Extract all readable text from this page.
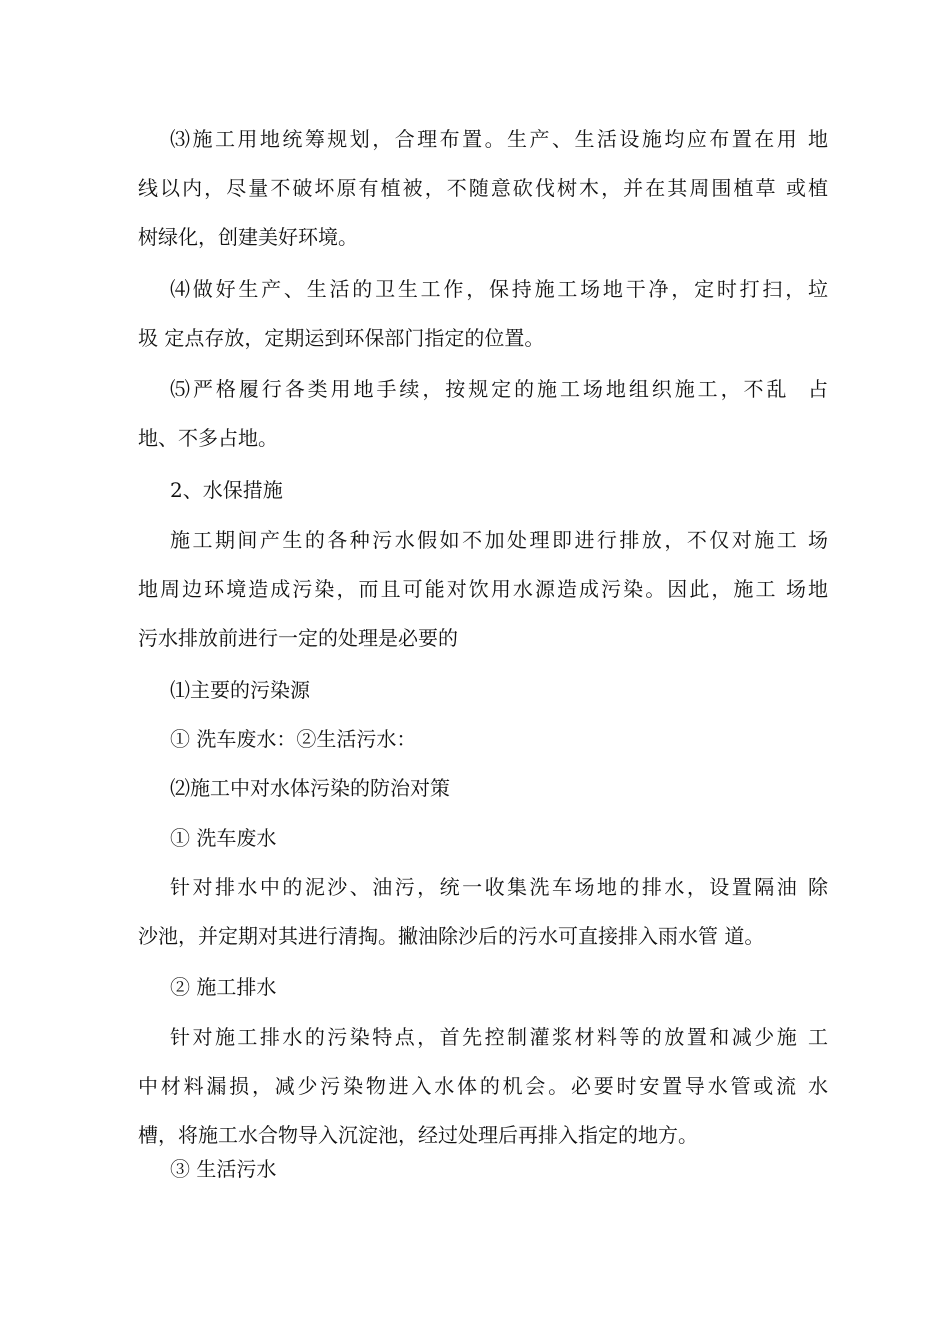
⑶施工用地统筹规划，合理布置。生产、生活设施均应布置在用 地
线以内，尽量不破坏原有植被，不随意砍伐树木，并在其周围植草 或植
树绿化，创建美好环境。
⑷做好生产、生活的卫生工作，保持施工场地干净，定时打扫，垃
圾 定点存放，定期运到环保部门指定的位置。
⑸严格履行各类用地手续，按规定的施工场地组织施工，不乱  占
地、不多占地。
2、水保措施
施工期间产生的各种污水假如不加处理即进行排放，不仅对施工 场
地周边环境造成污染，而且可能对饮用水源造成污染。因此，施工 场地
污水排放前进行一定的处理是必要的
⑴主要的污染源
① 洗车废水：②生活污水：
⑵施工中对水体污染的防治对策
① 洗车废水
针对排水中的泥沙、油污，统一收集洗车场地的排水，设置隔油 除
沙池，并定期对其进行清掏。撇油除沙后的污水可直接排入雨水管 道。
② 施工排水
针对施工排水的污染特点，首先控制灌浆材料等的放置和减少施 工
中材料漏损，减少污染物进入水体的机会。必要时安置导水管或流 水
槽，将施工水合物导入沉淀池，经过处理后再排入指定的地方。
③ 生活污水
